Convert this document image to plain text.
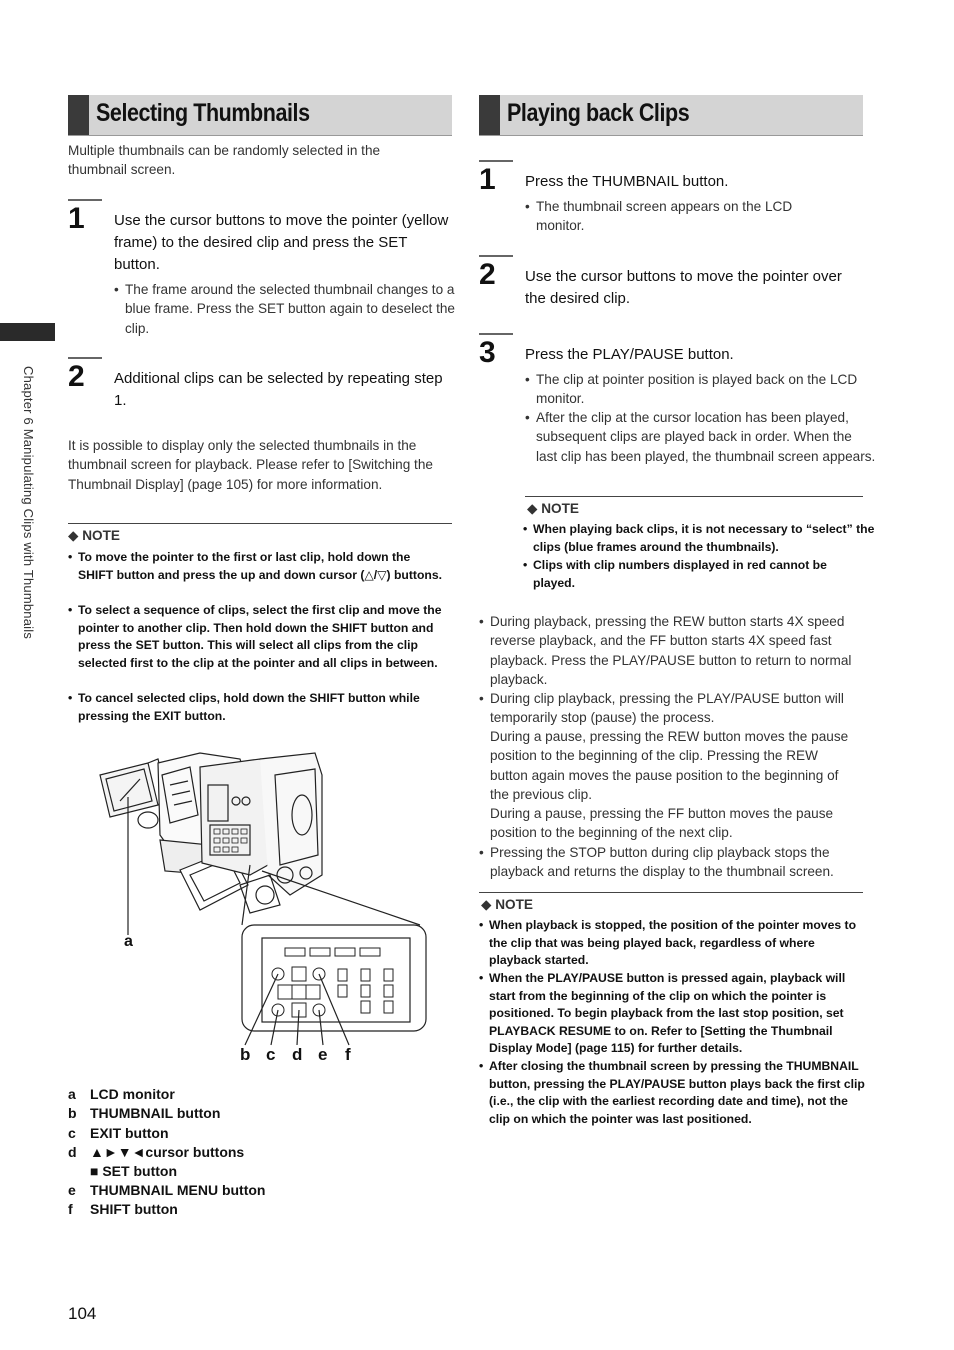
Chapter 6 Manipulating Clips with Thumbnails
Selecting Thumbnails
Multiple thumbnails can be randomly selected in the thumbnail screen.
1 Use the cursor buttons to move the pointer (yellow frame) to the desired clip and press the SET button.
• The frame around the selected thumbnail changes to a blue frame. Press the SET button again to deselect the clip.
2 Additional clips can be selected by repeating step 1.
It is possible to display only the selected thumbnails in the thumbnail screen for playback. Please refer to [Switching the Thumbnail Display] (page 105) for more information.
◆ NOTE
• To move the pointer to the first or last clip, hold down the SHIFT button and press the up and down cursor (△/▽) buttons.
• To select a sequence of clips, select the first clip and move the pointer to another clip. Then hold down the SHIFT button and press the SET button. This will select all clips from the clip selected first to the clip at the pointer and all clips in between.
• To cancel selected clips, hold down the SHIFT button while pressing the EXIT button.
a
b c d e f
a LCD monitor
b THUMBNAIL button
c EXIT button
d ▲►▼◄cursor buttons
■ SET button
e THUMBNAIL MENU button
f SHIFT button
Playing back Clips
1 Press the THUMBNAIL button.
• The thumbnail screen appears on the LCD monitor.
2 Use the cursor buttons to move the pointer over the desired clip.
3 Press the PLAY/PAUSE button.
• The clip at pointer position is played back on the LCD monitor.
• After the clip at the cursor location has been played, subsequent clips are played back in order. When the last clip has been played, the thumbnail screen appears.
◆ NOTE
• When playing back clips, it is not necessary to “select” the clips (blue frames around the thumbnails).
• Clips with clip numbers displayed in red cannot be played.
• During playback, pressing the REW button starts 4X speed reverse playback, and the FF button starts 4X speed fast playback. Press the PLAY/PAUSE button to return to normal playback.
• During clip playback, pressing the PLAY/PAUSE button will temporarily stop (pause) the process.
During a pause, pressing the REW button moves the pause position to the beginning of the clip. Pressing the REW button again moves the pause position to the beginning of the previous clip.
During a pause, pressing the FF button moves the pause position to the beginning of the next clip.
• Pressing the STOP button during clip playback stops the playback and returns the display to the thumbnail screen.
◆ NOTE
• When playback is stopped, the position of the pointer moves to the clip that was being played back, regardless of where playback started.
• When the PLAY/PAUSE button is pressed again, playback will start from the beginning of the clip on which the pointer is positioned. To begin playback from the last stop position, set PLAYBACK RESUME to on. Refer to [Setting the Thumbnail Display Mode] (page 115) for further details.
• After closing the thumbnail screen by pressing the THUMBNAIL button, pressing the PLAY/PAUSE button plays back the first clip (i.e., the clip with the earliest recording date and time), not the clip on which the pointer was last positioned.
104
